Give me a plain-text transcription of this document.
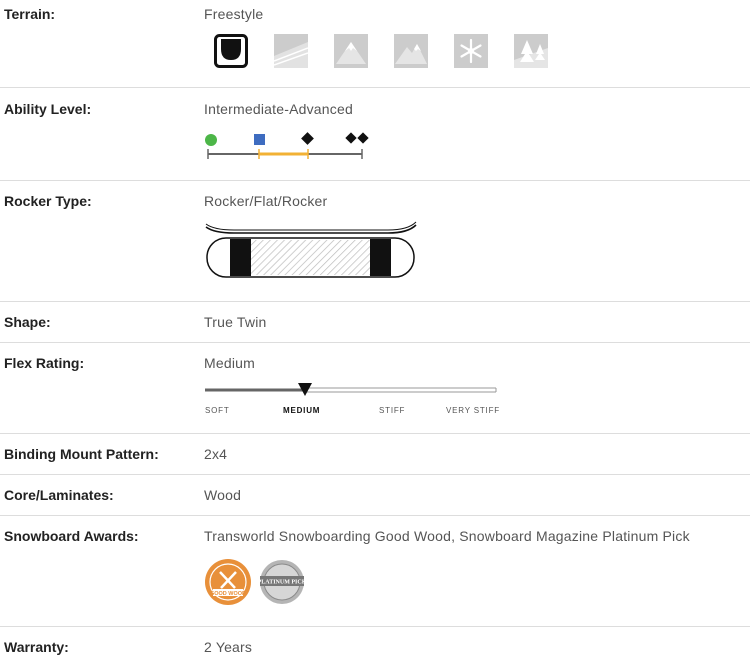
Terrain:	Freestyle
Ability Level:	Intermediate-Advanced
Rocker Type:	Rocker/Flat/Rocker
Shape:	True Twin
Flex Rating:	Medium
SOFT	MEDIUM	STIFF	VERY STIFF
Binding Mount Pattern:	2x4
Core/Laminates:	Wood
Snowboard Awards:	Transworld Snowboarding Good Wood, Snowboard Magazine Platinum Pick
GOOD WOOD
PLATINUM PICK
Warranty:	2 Years
